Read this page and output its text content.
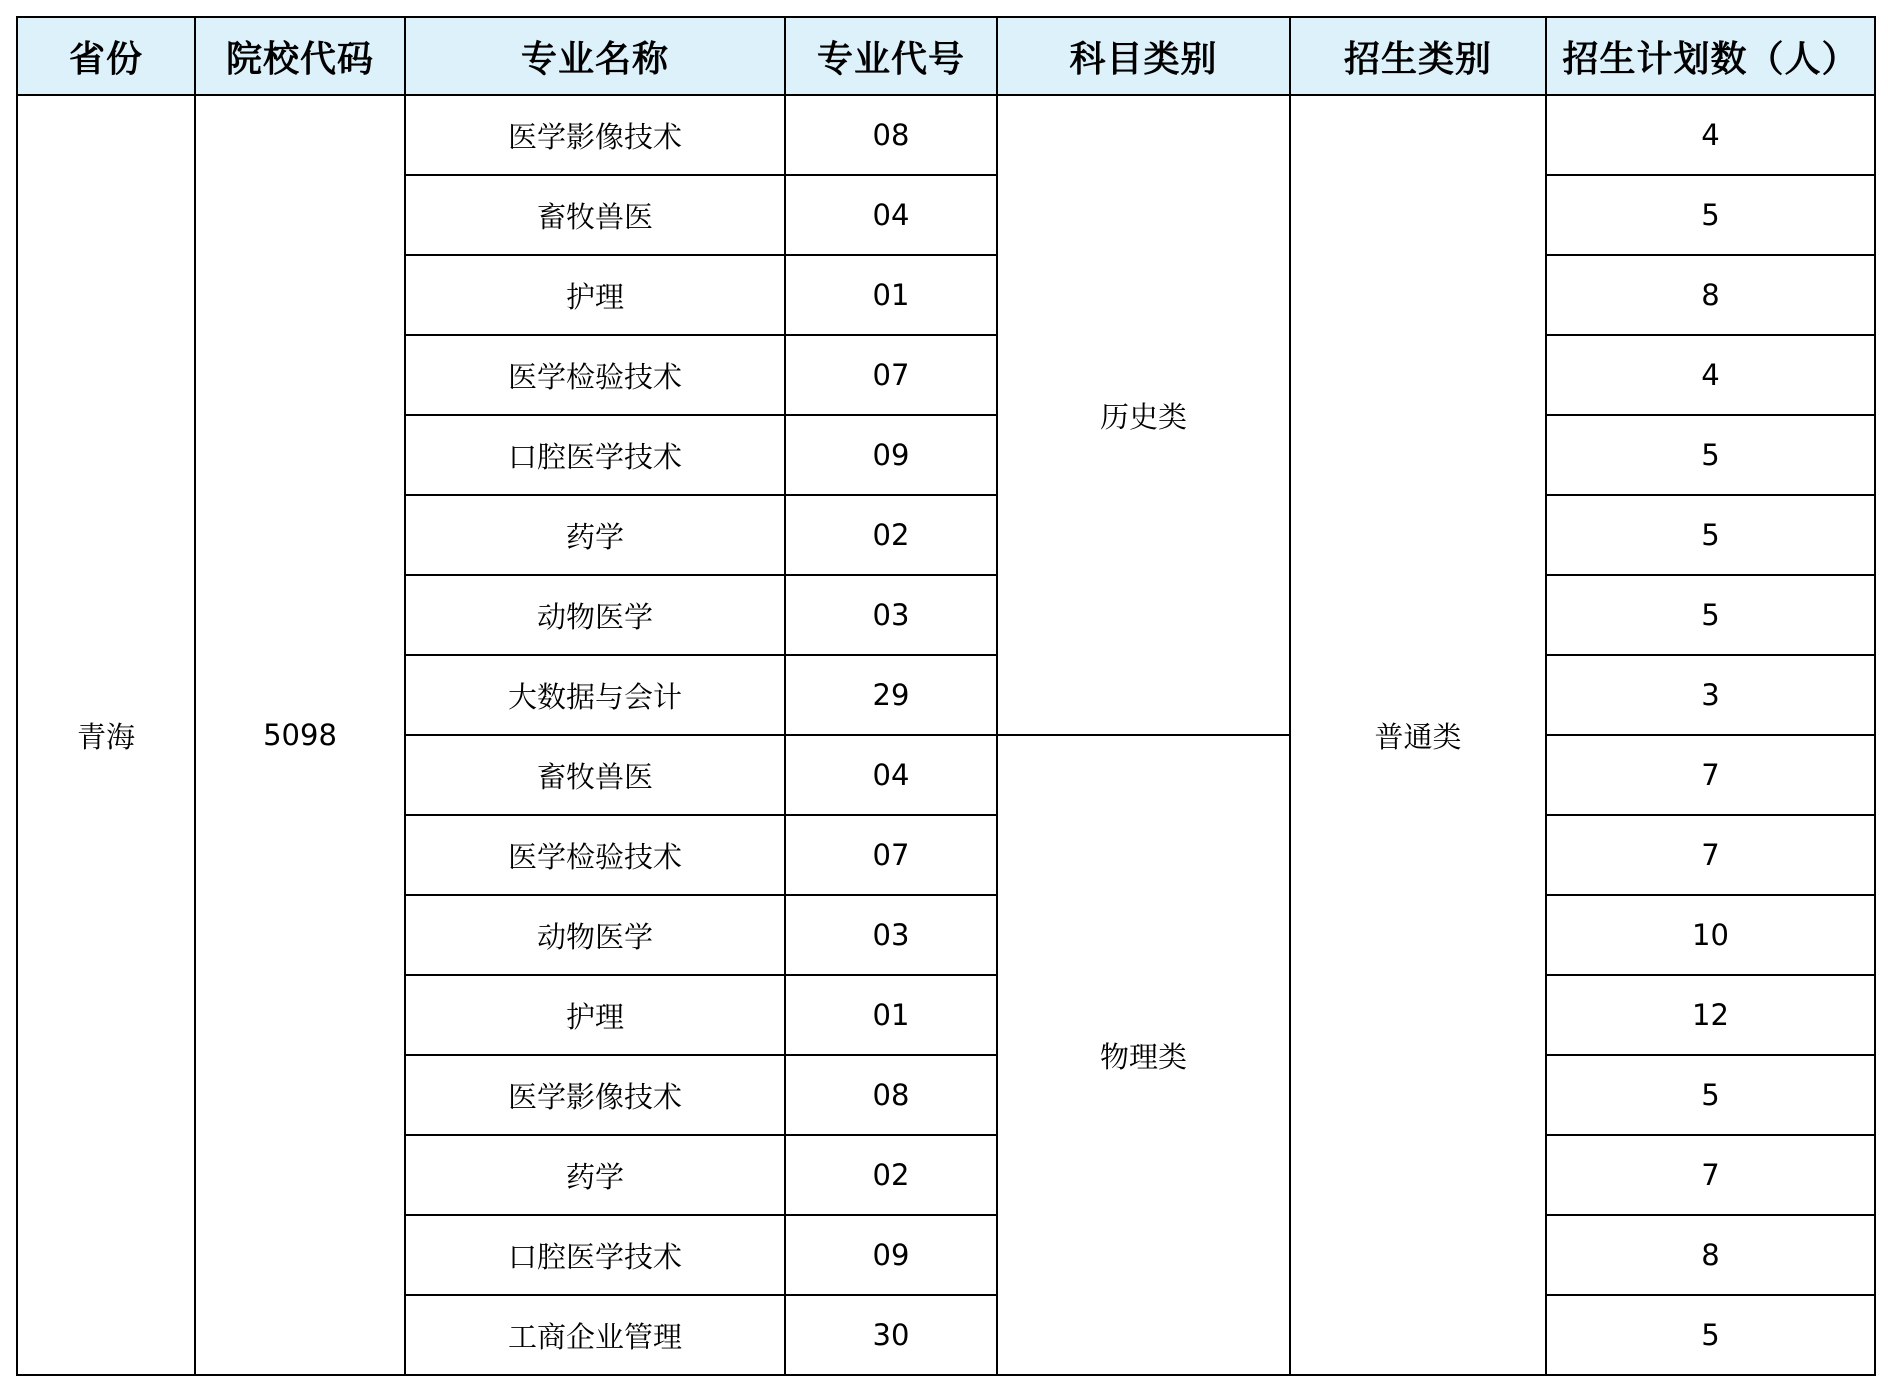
省份	院校代码	专业名称	专业代号	科目类别	招生类别	招生计划数（人）
青海	5098	医学影像技术	08	历史类	普通类	4
		畜牧兽医	04			5
		护理	01			8
		医学检验技术	07			4
		口腔医学技术	09			5
		药学	02			5
		动物医学	03			5
		大数据与会计	29			3
		畜牧兽医	04	物理类		7
		医学检验技术	07			7
		动物医学	03			10
		护理	01			12
		医学影像技术	08			5
		药学	02			7
		口腔医学技术	09			8
		工商企业管理	30			5
